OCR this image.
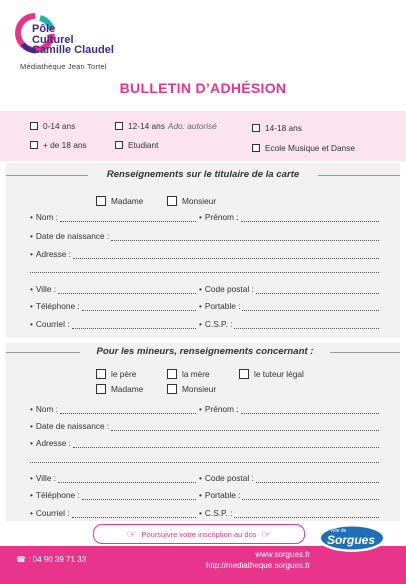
Pôle
Culturel
Camille Claudel
Médiathèque Jean Tortel
BULLETIN D’ADHÉSION
0-14 ans	12-14 ans Ado. autorisé	14-18 ans
+ de 18 ans	Etudiant	Ecole Musique et Danse
Renseignements sur le titulaire de la carte
Madame	Monsieur
• Nom :	• Prénom :
• Date de naissance :
• Adresse :
• Ville :	• Code postal :
• Téléphone :	• Portable :
• Courriel :	• C.S.P. :
Pour les mineurs, renseignements concernant :
le père	la mère	le tuteur légal
Madame	Monsieur
• Nom :	• Prénom :
• Date de naissance :
• Adresse :
• Ville :	• Code postal :
• Téléphone :	• Portable :
• Courriel :	• C.S.P. :
☞ Poursuivre votre inscription au dos ☞
☎ : 04 90 39 71 33
www.sorgues.fr
http://mediatheque.sorgues.fr
Ville de
Sorgues
